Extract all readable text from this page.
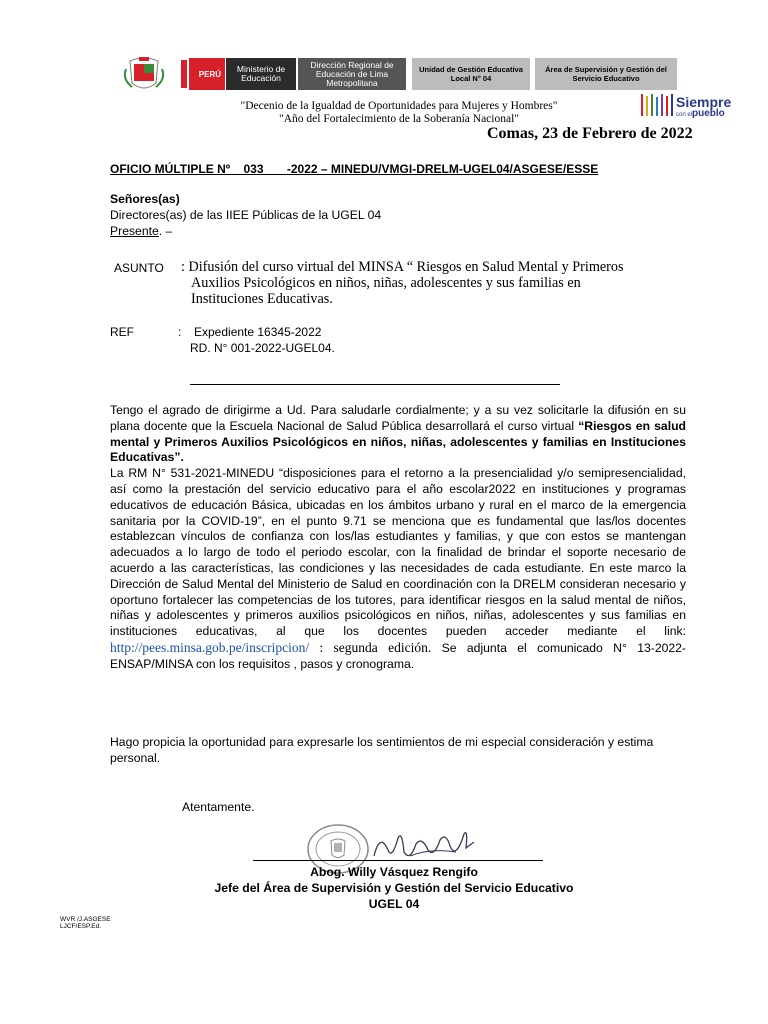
PERÚ	Ministerio de Educación
Dirección Regional de Educación de Lima Metropolitana
Unidad de Gestión Educativa Local N° 04
Área de Supervisión y Gestión del Servicio Educativo
"Decenio de la Igualdad de Oportunidades para Mujeres y Hombres"
"Año del Fortalecimiento de la Soberanía Nacional"
Siempre
con elpueblo
Comas, 23 de Febrero de 2022
OFICIO MÚLTIPLE Nº    033       -2022 – MINEDU/VMGI-DRELM-UGEL04/ASGESE/ESSE
Señores(as)
Directores(as) de las IIEE Públicas de la UGEL 04
Presente. –
ASUNTO : Difusión del curso virtual del MINSA “ Riesgos en Salud Mental y Primeros
Auxilios Psicológicos en niños, niñas, adolescentes y sus familias en
Instituciones Educativas.
REF	: Expediente 16345-2022
RD. N° 001-2022-UGEL04.

Tengo el agrado de dirigirme a Ud. Para saludarle cordialmente; y a su vez solicitarle la difusión en su plana docente que la Escuela Nacional de Salud Pública desarrollará el curso virtual “Riesgos en salud mental y Primeros Auxilios Psicológicos en niños, niñas, adolescentes y familias en Instituciones Educativas”.

La RM N° 531-2021-MINEDU “disposiciones para el retorno a la presencialidad y/o semipresencialidad, así como la prestación del servicio educativo para el año escolar2022 en instituciones y programas educativos de educación Básica, ubicadas en los ámbitos urbano y rural en el marco de la emergencia sanitaria por la COVID-19”, en el punto 9.71 se menciona que es fundamental que las/los docentes establezcan vínculos de confianza con los/las estudiantes y familias, y que con estos se mantengan adecuados a lo largo de todo el periodo escolar, con la finalidad de brindar el soporte necesario de acuerdo a las características, las condiciones y las necesidades de cada estudiante. En este marco la Dirección de Salud Mental del Ministerio de Salud en coordinación con la DRELM consideran necesario y oportuno fortalecer las competencias de los tutores, para identificar riesgos en la salud mental de niños, niñas y adolescentes y primeros auxilios psicológicos en niños, niñas, adolescentes y sus familias en instituciones educativas, al que los docentes pueden acceder mediante el link: http://pees.minsa.gob.pe/inscripcion/ : segunda edición. Se adjunta el comunicado N° 13-2022-ENSAP/MINSA con los requisitos , pasos y cronograma.

Hago propicia la oportunidad para expresarle los sentimientos de mi especial consideración y estima personal.
Atentamente.
Abog. Willy Vásquez Rengifo
Jefe del Área de Supervisión y Gestión del Servicio Educativo
UGEL 04
WVR /J.ASGESE
LJCF/ESP.Ed.
